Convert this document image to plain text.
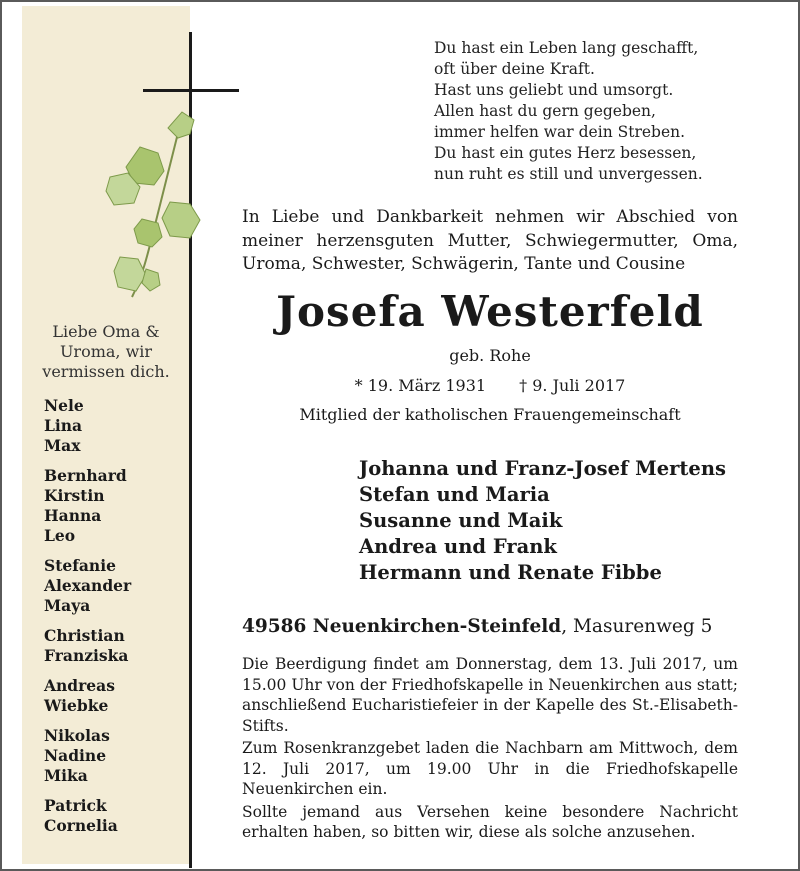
Liebe Oma &
Uroma, wir
vermissen dich.
Nele
Lina
Max
Bernhard
Kirstin
Hanna
Leo
Stefanie
Alexander
Maya
Christian
Franziska
Andreas
Wiebke
Nikolas
Nadine
Mika
Patrick
Cornelia
Du hast ein Leben lang geschafft,
oft über deine Kraft.
Hast uns geliebt und umsorgt.
Allen hast du gern gegeben,
immer helfen war dein Streben.
Du hast ein gutes Herz besessen,
nun ruht es still und unvergessen.
In Liebe und Dankbarkeit nehmen wir Abschied von meiner herzensguten Mutter, Schwiegermutter, Oma, Uroma, Schwester, Schwägerin, Tante und Cousine
Josefa Westerfeld
geb. Rohe
* 19. März 1931 † 9. Juli 2017
Mitglied der katholischen Frauengemeinschaft
Johanna und Franz-Josef Mertens
Stefan und Maria
Susanne und Maik
Andrea und Frank
Hermann und Renate Fibbe
49586 Neuenkirchen-Steinfeld, Masurenweg 5

Die Beerdigung findet am Donnerstag, dem 13. Juli 2017, um 15.00 Uhr von der Friedhofskapelle in Neuenkirchen aus statt; anschließend Eucharistiefeier in der Kapelle des St.-Elisabeth-Stifts.

Zum Rosenkranzgebet laden die Nachbarn am Mittwoch, dem 12. Juli 2017, um 19.00 Uhr in die Friedhofskapelle Neuenkirchen ein.

Sollte jemand aus Versehen keine besondere Nachricht erhalten haben, so bitten wir, diese als solche anzusehen.
